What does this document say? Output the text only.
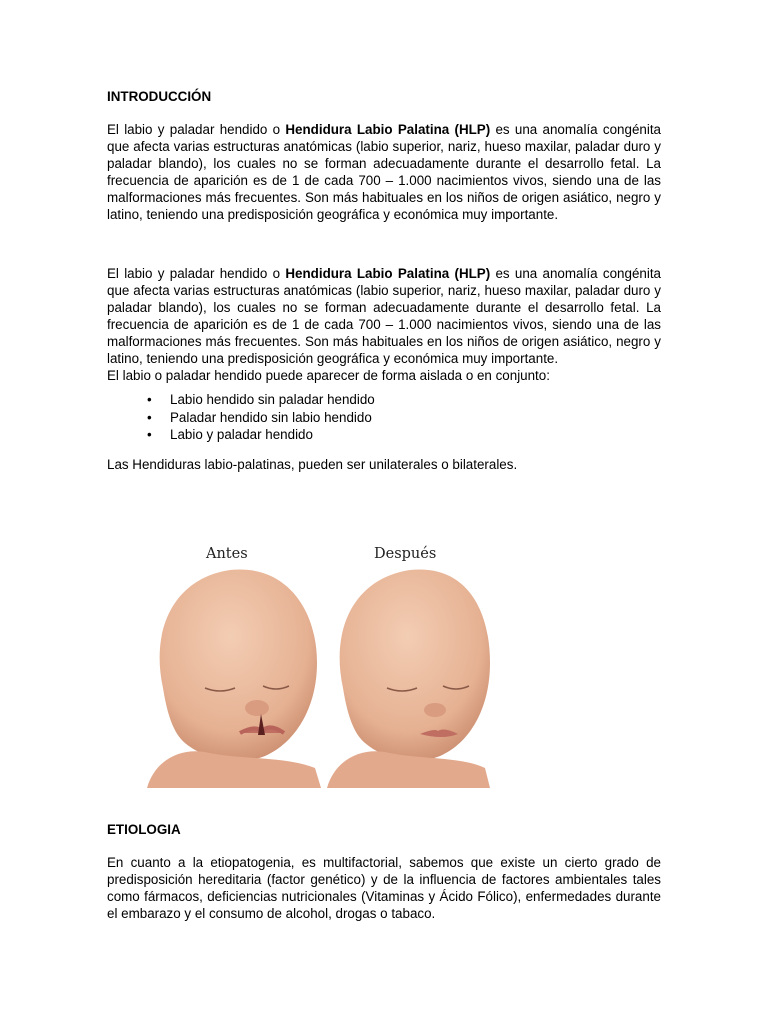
INTRODUCCIÓN

El labio y paladar hendido o Hendidura Labio Palatina (HLP) es una anomalía congénita que afecta varias estructuras anatómicas (labio superior, nariz, hueso maxilar, paladar duro y paladar blando), los cuales no se forman adecuadamente durante el desarrollo fetal. La frecuencia de aparición es de 1 de cada 700 – 1.000 nacimientos vivos, siendo una de las malformaciones más frecuentes. Son más habituales en los niños de origen asiático, negro y latino, teniendo una predisposición geográfica y económica muy importante.

El labio y paladar hendido o Hendidura Labio Palatina (HLP) es una anomalía congénita que afecta varias estructuras anatómicas (labio superior, nariz, hueso maxilar, paladar duro y paladar blando), los cuales no se forman adecuadamente durante el desarrollo fetal. La frecuencia de aparición es de 1 de cada 700 – 1.000 nacimientos vivos, siendo una de las malformaciones más frecuentes. Son más habituales en los niños de origen asiático, negro y latino, teniendo una predisposición geográfica y económica muy importante.

El labio o paladar hendido puede aparecer de forma aislada o en conjunto:

• Labio hendido sin paladar hendido
• Paladar hendido sin labio hendido
• Labio y paladar hendido

Las Hendiduras labio-palatinas, pueden ser unilaterales o bilaterales.

Antes	Después
ETIOLOGIA

En cuanto a la etiopatogenia, es multifactorial, sabemos que existe un cierto grado de predisposición hereditaria (factor genético) y de la influencia de factores ambientales tales como fármacos, deficiencias nutricionales (Vitaminas y Ácido Fólico), enfermedades durante el embarazo y el consumo de alcohol, drogas o tabaco.
